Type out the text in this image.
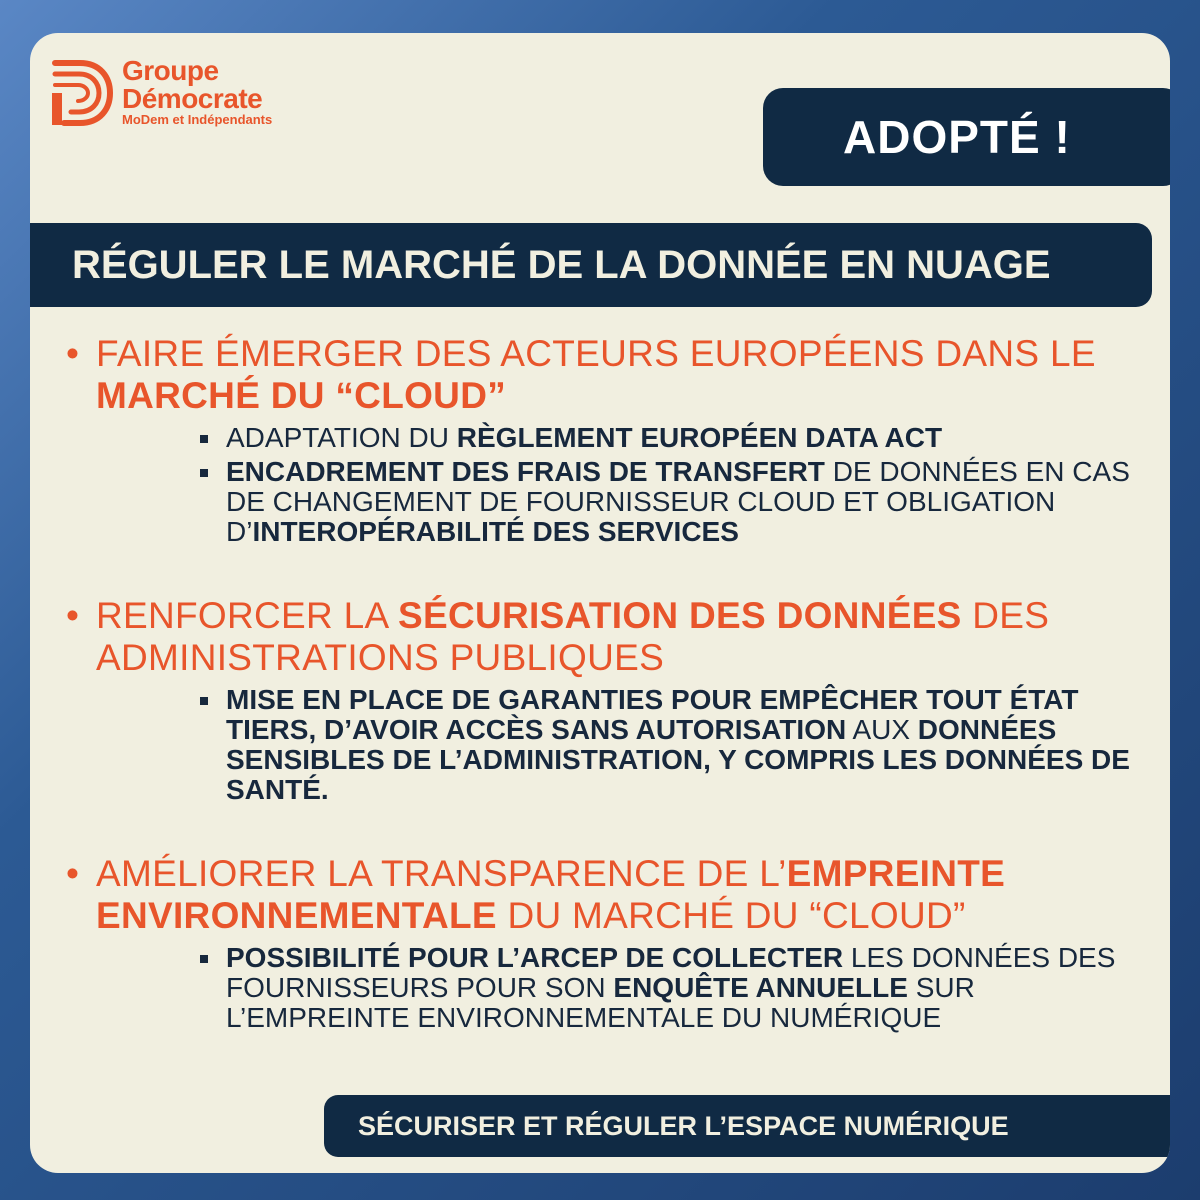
Groupe
Démocrate
MoDem et Indépendants	ADOPTÉ !
RÉGULER LE MARCHÉ DE LA DONNÉE EN NUAGE
• FAIRE ÉMERGER DES ACTEURS EUROPÉENS DANS LE MARCHÉ DU “CLOUD”
ADAPTATION DU RÈGLEMENT EUROPÉEN DATA ACT
ENCADREMENT DES FRAIS DE TRANSFERT DE DONNÉES EN CAS DE CHANGEMENT DE FOURNISSEUR CLOUD ET OBLIGATION D’INTEROPÉRABILITÉ DES SERVICES
• RENFORCER LA SÉCURISATION DES DONNÉES DES ADMINISTRATIONS PUBLIQUES
MISE EN PLACE DE GARANTIES POUR EMPÊCHER TOUT ÉTAT TIERS, D’AVOIR ACCÈS SANS AUTORISATION AUX DONNÉES SENSIBLES DE L’ADMINISTRATION, Y COMPRIS LES DONNÉES DE SANTÉ.
• AMÉLIORER LA TRANSPARENCE DE L’EMPREINTE ENVIRONNEMENTALE DU MARCHÉ DU “CLOUD”
POSSIBILITÉ POUR L’ARCEP DE COLLECTER LES DONNÉES DES FOURNISSEURS POUR SON ENQUÊTE ANNUELLE SUR L’EMPREINTE ENVIRONNEMENTALE DU NUMÉRIQUE
SÉCURISER ET RÉGULER L’ESPACE NUMÉRIQUE
